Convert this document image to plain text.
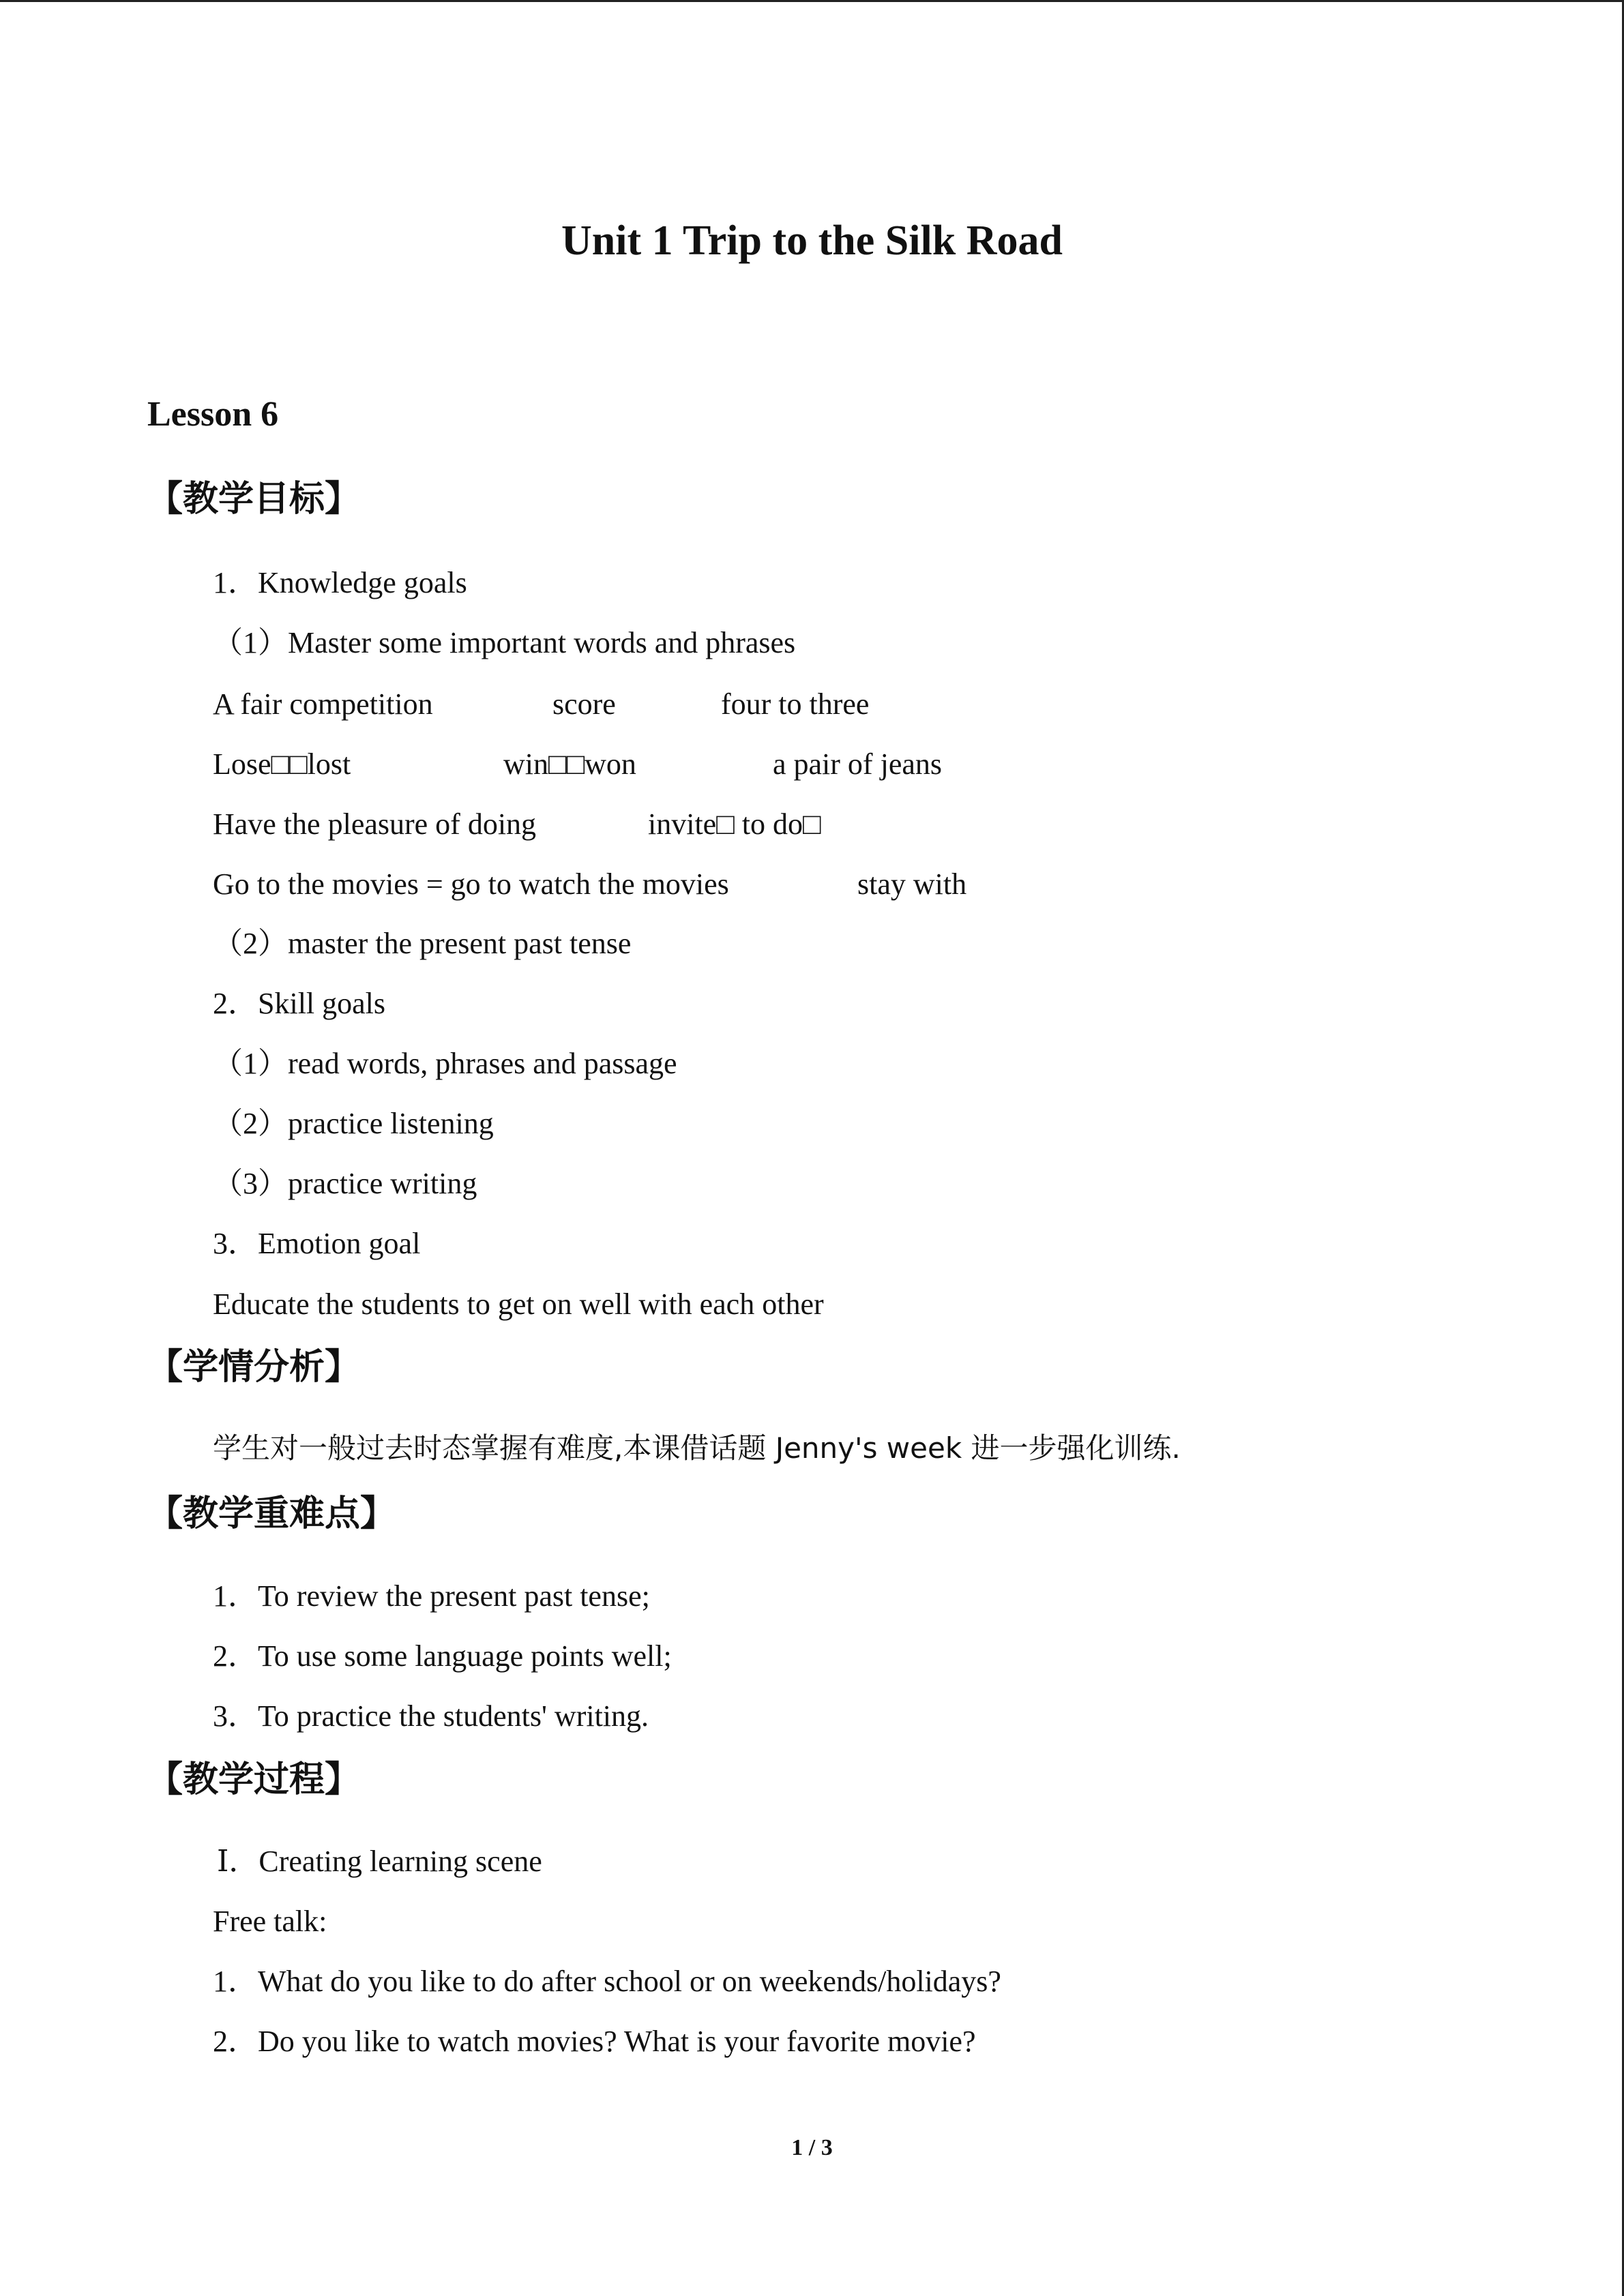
Unit 1 Trip to the Silk Road
Lesson 6
【教学目标】

1．Knowledge goals

（1）Master some important words and phrases

A fair competition	score	four to three
Lose□□lost	win□□won	a pair of jeans
Have the pleasure of doing	invite□ to do□
Go to the movies = go to watch the movies	stay with

（2）master the present past tense

2．Skill goals

（1）read words, phrases and passage

（2）practice listening

（3）practice writing

3．Emotion goal

Educate the students to get on well with each other

【学情分析】

学生对一般过去时态掌握有难度,本课借话题 Jenny's week 进一步强化训练.

【教学重难点】

1．To review the present past tense;

2．To use some language points well;

3．To practice the students' writing.

【教学过程】

Ⅰ．Creating learning scene

Free talk:

1．What do you like to do after school or on weekends/holidays?

2．Do you like to watch movies? What is your favorite movie?

1 / 3
